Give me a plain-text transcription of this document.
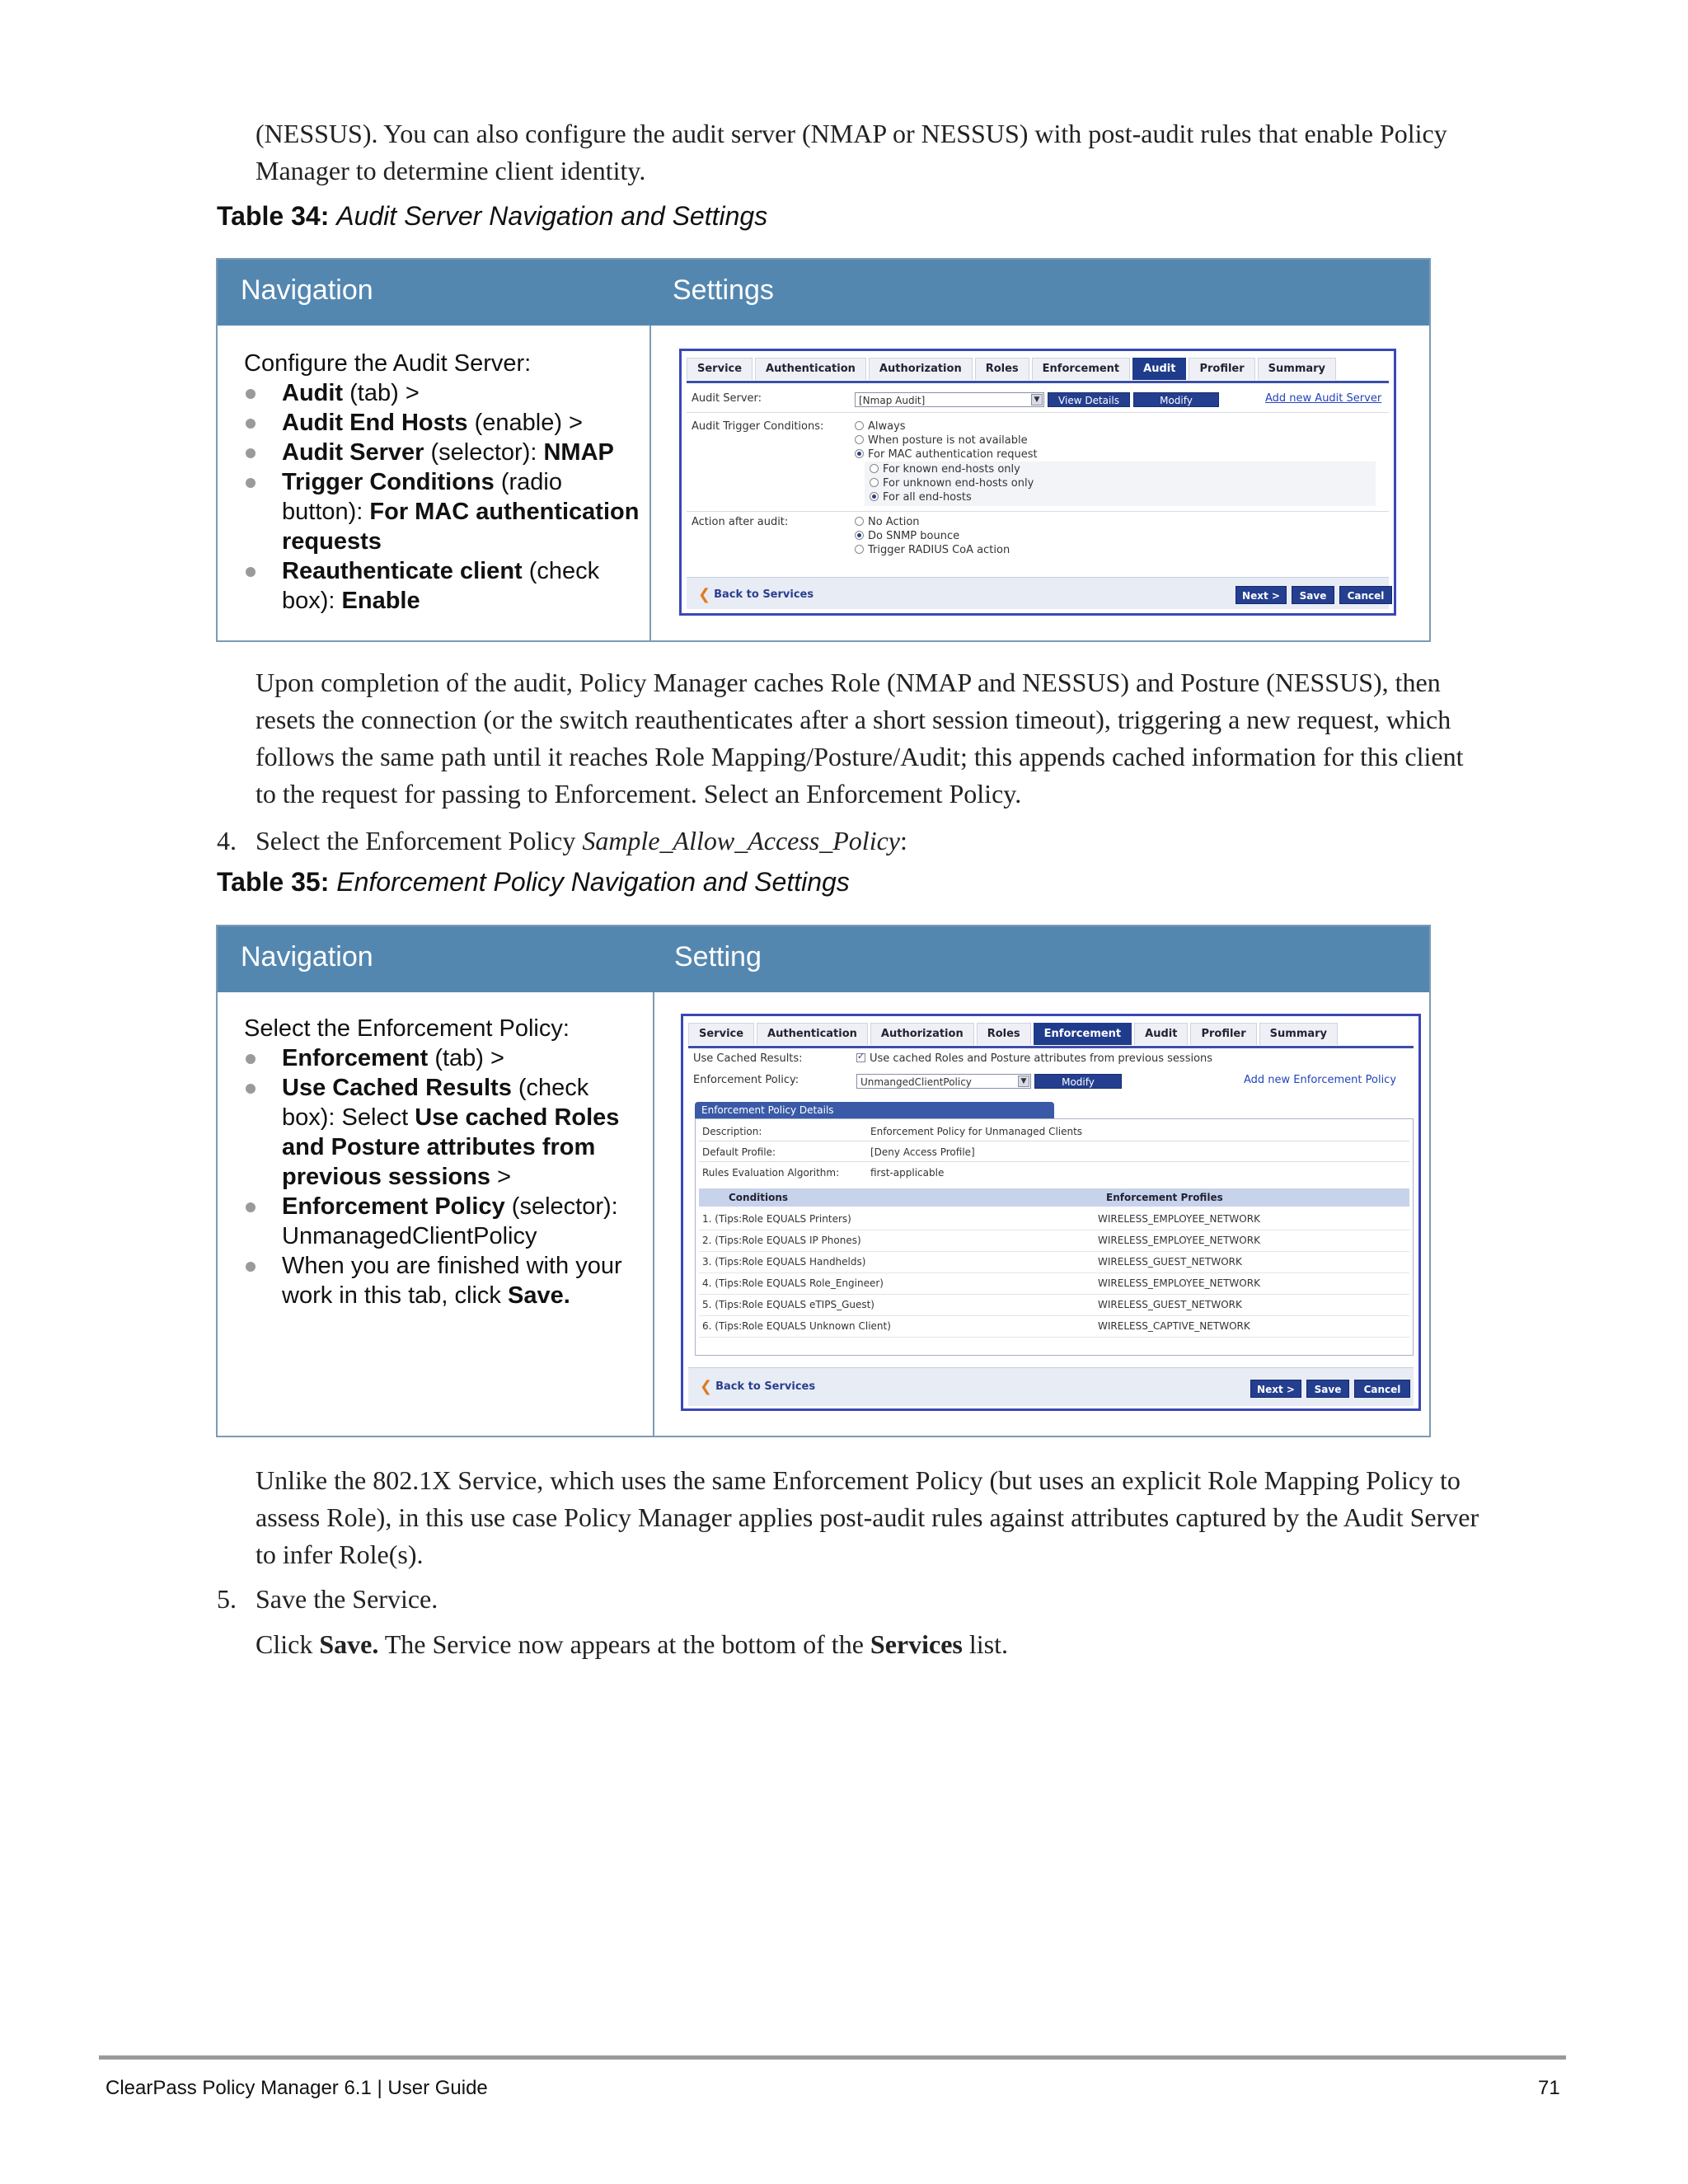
(NESSUS). You can also configure the audit server (NMAP or NESSUS) with post-audit rules that enable Policy
Manager to determine client identity.
Table 34: Audit Server Navigation and Settings
Navigation	Settings
Configure the Audit Server:
Audit (tab) >
Audit End Hosts (enable) >
Audit Server (selector): NMAP
Trigger Conditions (radio button): For MAC authentication requests
Reauthenticate client (check box): Enable
Service	Authentication	Authorization	Roles	Enforcement	Audit	Profiler	Summary
Audit Server:	[Nmap Audit]	▼	View Details	Modify	Add new Audit Server
Audit Trigger Conditions:	Always
When posture is not available
For MAC authentication request
For known end-hosts only
For unknown end-hosts only
For all end-hosts
Action after audit:	No Action
Do SNMP bounce
Trigger RADIUS CoA action
❮ Back to Services	Next >	Save	Cancel
Upon completion of the audit, Policy Manager caches Role (NMAP and NESSUS) and Posture (NESSUS), then
resets the connection (or the switch reauthenticates after a short session timeout), triggering a new request, which
follows the same path until it reaches Role Mapping/Posture/Audit; this appends cached information for this client
to the request for passing to Enforcement. Select an Enforcement Policy.
4. Select the Enforcement Policy Sample_Allow_Access_Policy:
Table 35: Enforcement Policy Navigation and Settings
Navigation	Setting
Select the Enforcement Policy:
Enforcement (tab) >
Use Cached Results (check box): Select Use cached Roles and Posture attributes from previous sessions >
Enforcement Policy (selector): UnmanagedClientPolicy
When you are finished with your work in this tab, click Save.
Service	Authentication	Authorization	Roles	Enforcement	Audit	Profiler	Summary
Use Cached Results: ✓	Use cached Roles and Posture attributes from previous sessions
Enforcement Policy:	UnmangedClientPolicy	▼	Modify	Add new Enforcement Policy
Enforcement Policy Details
Description:	Enforcement Policy for Unmanaged Clients
Default Profile:	[Deny Access Profile]
Rules Evaluation Algorithm:	first-applicable
Conditions	Enforcement Profiles
1. (Tips:Role EQUALS Printers)	WIRELESS_EMPLOYEE_NETWORK
2. (Tips:Role EQUALS IP Phones)	WIRELESS_EMPLOYEE_NETWORK
3. (Tips:Role EQUALS Handhelds)	WIRELESS_GUEST_NETWORK
4. (Tips:Role EQUALS Role_Engineer)	WIRELESS_EMPLOYEE_NETWORK
5. (Tips:Role EQUALS eTIPS_Guest)	WIRELESS_GUEST_NETWORK
6. (Tips:Role EQUALS Unknown Client)	WIRELESS_CAPTIVE_NETWORK
❮ Back to Services	Next >	Save	Cancel
Unlike the 802.1X Service, which uses the same Enforcement Policy (but uses an explicit Role Mapping Policy to
assess Role), in this use case Policy Manager applies post-audit rules against attributes captured by the Audit Server
to infer Role(s).
5. Save the Service.
Click Save. The Service now appears at the bottom of the Services list.
ClearPass Policy Manager 6.1 | User Guide	71
